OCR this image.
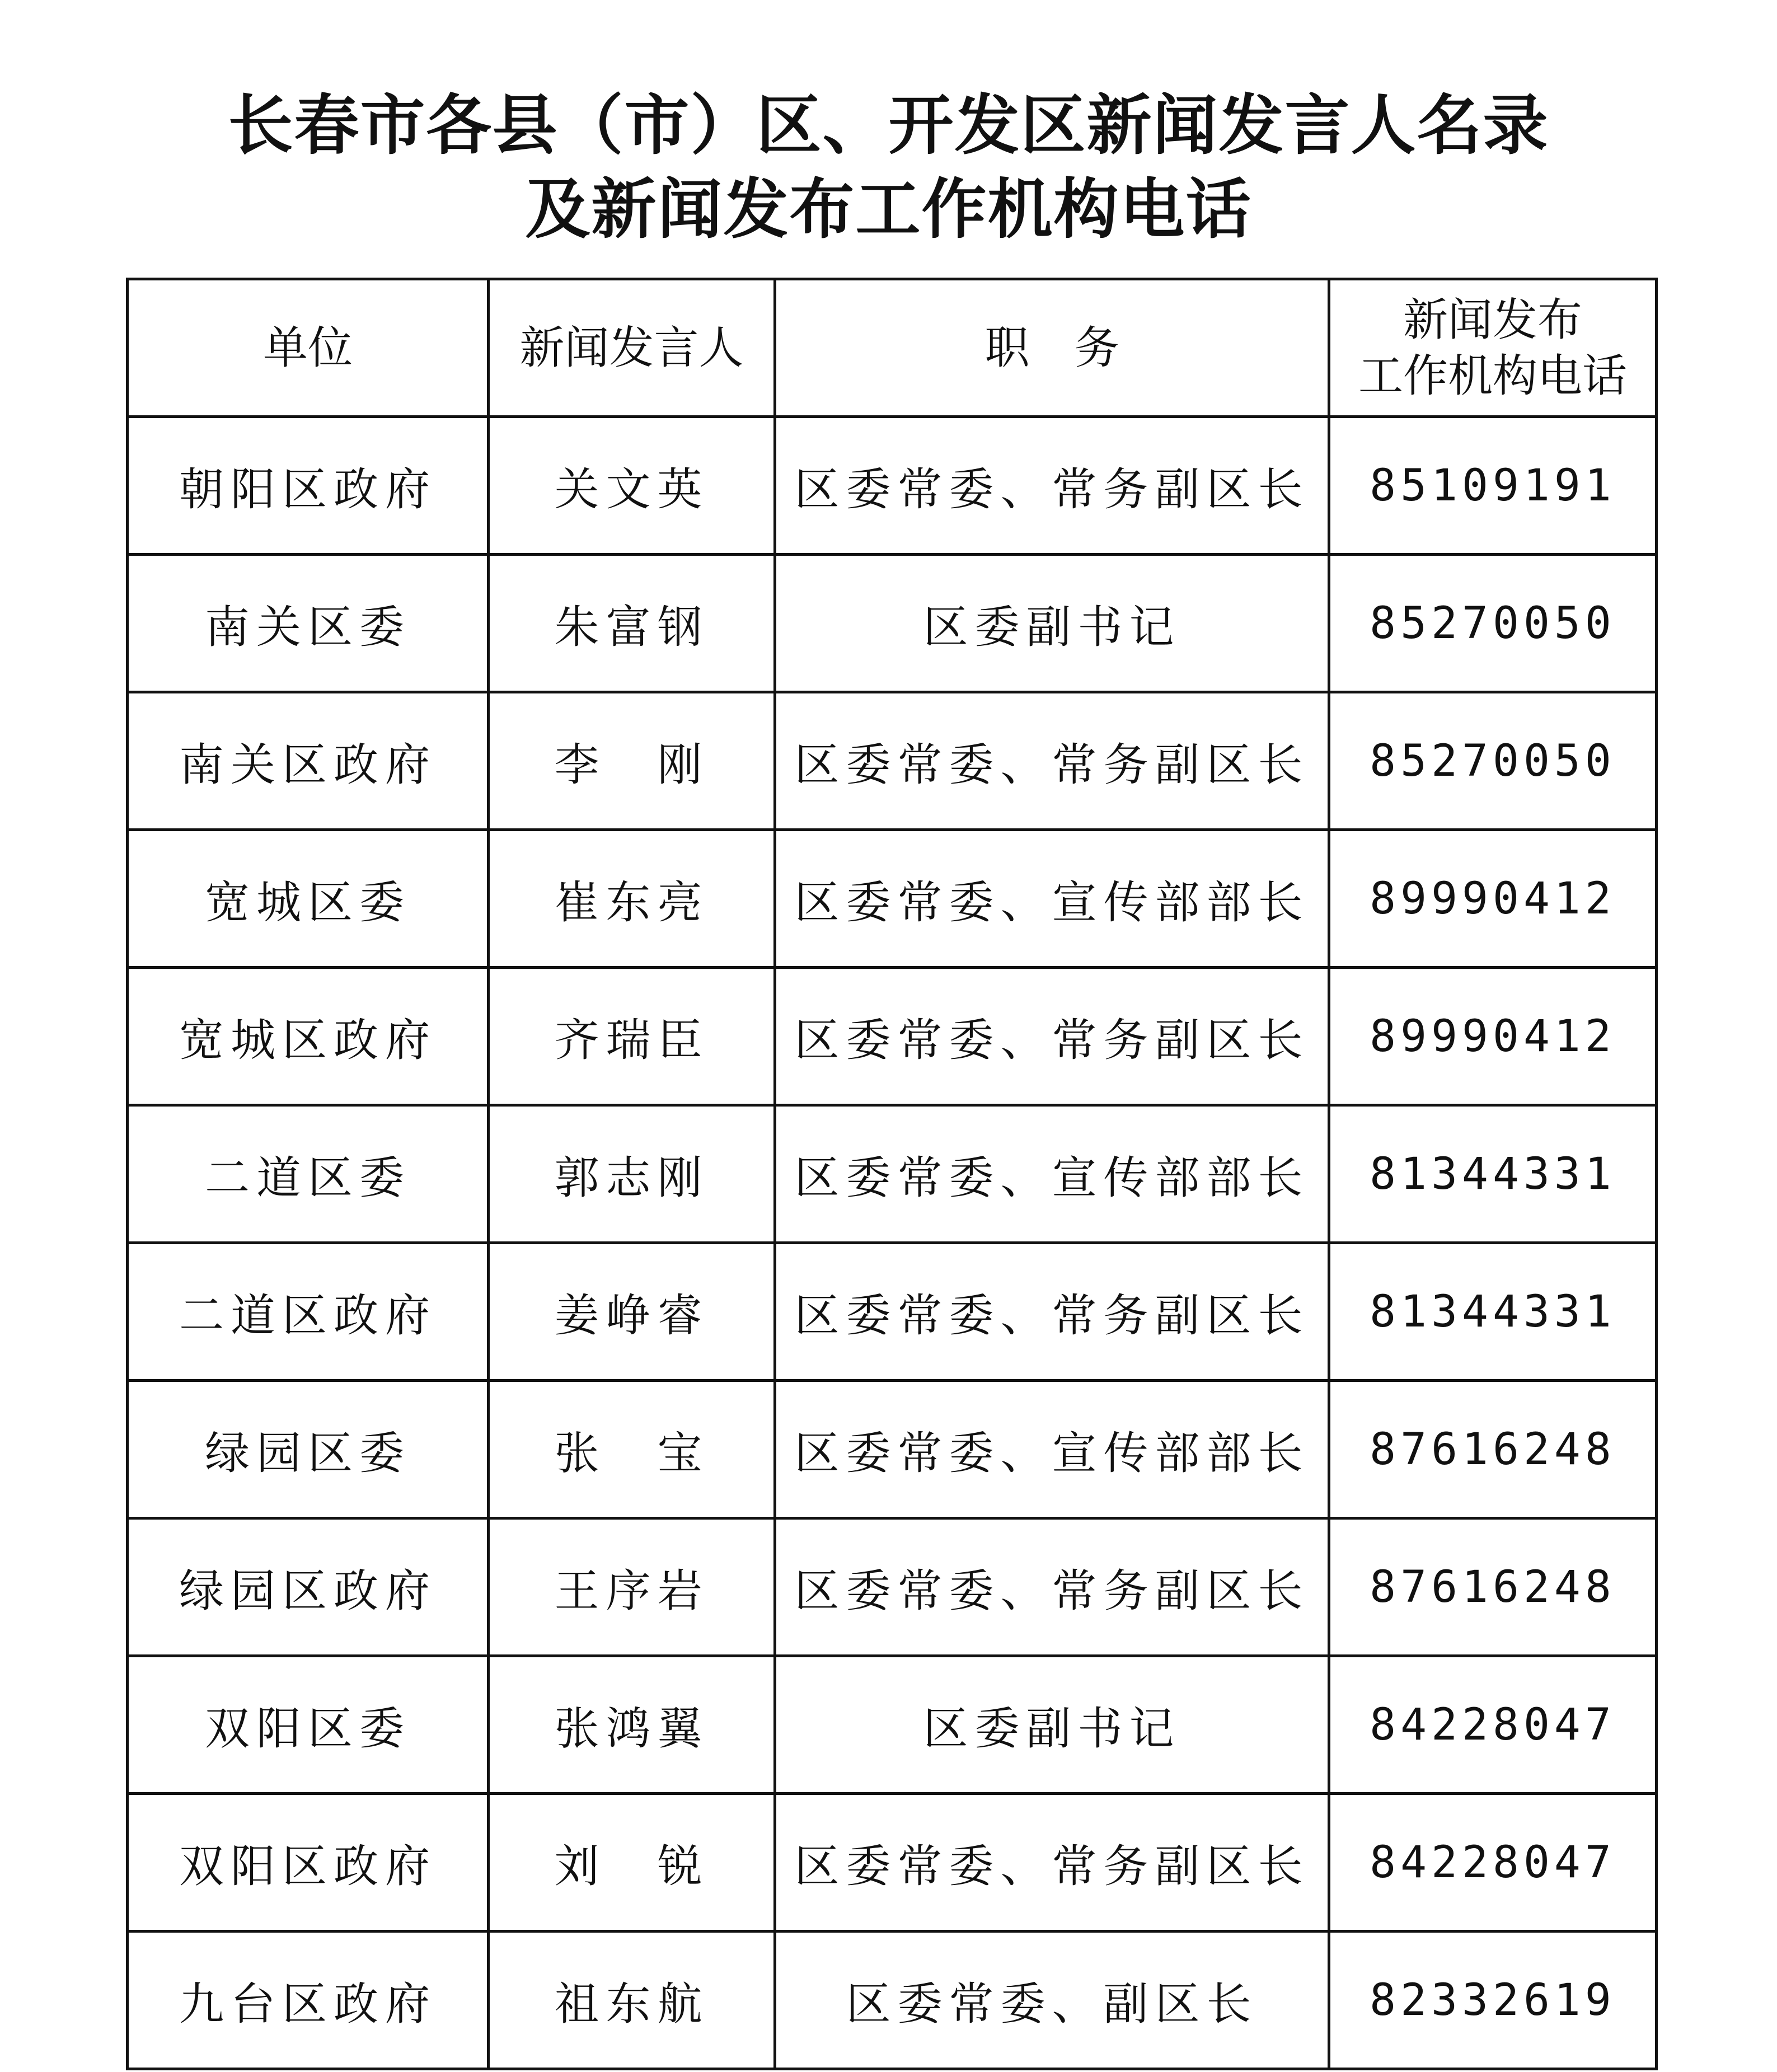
长春市各县（市）区、开发区新闻发言人名录
及新闻发布工作机构电话
单位	新闻发言人	职　务	新闻发布
工作机构电话

朝阳区政府	关文英	区委常委、常务副区长	85109191
南关区委	朱富钢	区委副书记	85270050
南关区政府	李　刚	区委常委、常务副区长	85270050
宽城区委	崔东亮	区委常委、宣传部部长	89990412
宽城区政府	齐瑞臣	区委常委、常务副区长	89990412
二道区委	郭志刚	区委常委、宣传部部长	81344331
二道区政府	姜峥睿	区委常委、常务副区长	81344331
绿园区委	张　宝	区委常委、宣传部部长	87616248
绿园区政府	王序岩	区委常委、常务副区长	87616248
双阳区委	张鸿翼	区委副书记	84228047
双阳区政府	刘　锐	区委常委、常务副区长	84228047
九台区政府	祖东航	区委常委、副区长	82332619
